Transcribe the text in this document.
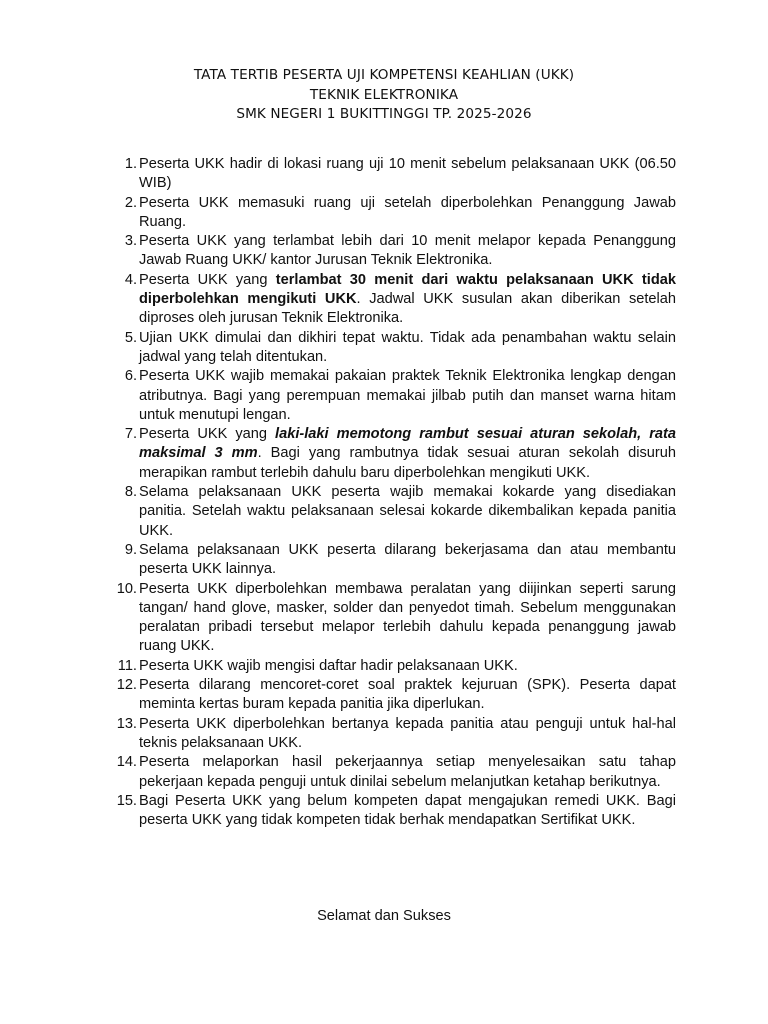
TATA TERTIB PESERTA UJI KOMPETENSI KEAHLIAN (UKK)
TEKNIK ELEKTRONIKA
SMK NEGERI 1 BUKITTINGGI TP. 2025-2026
1. Peserta UKK hadir di lokasi ruang uji 10 menit sebelum pelaksanaan UKK (06.50 WIB)
2. Peserta UKK memasuki ruang uji setelah diperbolehkan Penanggung Jawab Ruang.
3. Peserta UKK yang terlambat lebih dari 10 menit melapor kepada Penanggung Jawab Ruang UKK/ kantor Jurusan Teknik Elektronika.
4. Peserta UKK yang terlambat 30 menit dari waktu pelaksanaan UKK tidak diperbolehkan mengikuti UKK. Jadwal UKK susulan akan diberikan setelah diproses oleh jurusan Teknik Elektronika.
5. Ujian UKK dimulai dan dikhiri tepat waktu. Tidak ada penambahan waktu selain jadwal yang telah ditentukan.
6. Peserta UKK wajib memakai pakaian praktek Teknik Elektronika lengkap dengan atributnya. Bagi yang perempuan memakai jilbab putih dan manset warna hitam untuk menutupi lengan.
7. Peserta UKK yang laki-laki memotong rambut sesuai aturan sekolah, rata maksimal 3 mm. Bagi yang rambutnya tidak sesuai aturan sekolah disuruh merapikan rambut terlebih dahulu baru diperbolehkan mengikuti UKK.
8. Selama pelaksanaan UKK peserta wajib memakai kokarde yang disediakan panitia. Setelah waktu pelaksanaan selesai kokarde dikembalikan kepada panitia UKK.
9. Selama pelaksanaan UKK peserta dilarang bekerjasama dan atau membantu peserta UKK lainnya.
10. Peserta UKK diperbolehkan membawa peralatan yang diijinkan seperti sarung tangan/ hand glove, masker, solder dan penyedot timah. Sebelum menggunakan peralatan pribadi tersebut melapor terlebih dahulu kepada penanggung jawab ruang UKK.
11. Peserta UKK wajib mengisi daftar hadir pelaksanaan UKK.
12. Peserta dilarang mencoret-coret soal praktek kejuruan (SPK). Peserta dapat meminta kertas buram kepada panitia jika diperlukan.
13. Peserta UKK diperbolehkan bertanya kepada panitia atau penguji untuk hal-hal teknis pelaksanaan UKK.
14. Peserta melaporkan hasil pekerjaannya setiap menyelesaikan satu tahap pekerjaan kepada penguji untuk dinilai sebelum melanjutkan ketahap berikutnya.
15. Bagi Peserta UKK yang belum kompeten dapat mengajukan remedi UKK. Bagi peserta UKK yang tidak kompeten tidak berhak mendapatkan Sertifikat UKK.
Selamat dan Sukses
